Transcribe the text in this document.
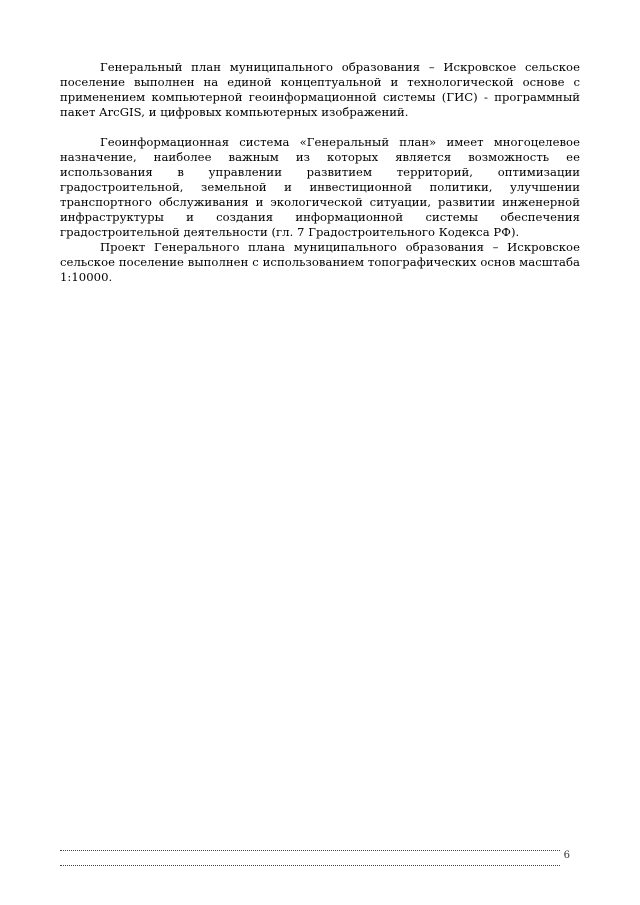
Генеральный план муниципального образования – Искровское сельское поселение выполнен на единой концептуальной и технологической основе с применением компьютерной геоинформационной системы (ГИС) - программный пакет ArcGIS, и цифровых компьютерных изображений.

Геоинформационная система «Генеральный план» имеет многоцелевое назначение, наиболее важным из которых является возможность ее использования в управлении развитием территорий, оптимизации градостроительной, земельной и инвестиционной политики, улучшении транспортного обслуживания и экологической ситуации, развитии инженерной инфраструктуры и создания информационной системы обеспечения градостроительной деятельности (гл. 7 Градостроительного Кодекса РФ).

Проект Генерального плана муниципального образования – Искровское сельское поселение выполнен с использованием топографических основ масштаба 1:10000.

6
